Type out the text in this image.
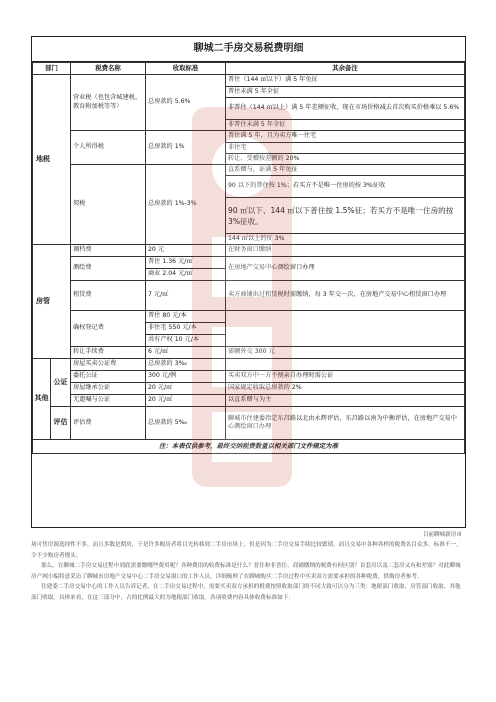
聊城二手房交易税费明细
部门	税费名称	收取标准	其余备注
地税	营业税（也包含城建税、教育附加税等等）	总房款的 5.6%	普住（144 ㎡以下）满 5 年免征
			普住未满 5 年全征
			非普住（144 ㎡以上）满 5 年差额征收，现在市场价格减去首次购买价格乘以 5.6%
			非普住未满 5 年全征
	个人所得税	总房款的 1%	普住满 5 年，且为卖方唯一住宅
			非住宅
			转让、受赠按差额的 20%
	契税	总房款的 1%-3%	直系赠与，证满 5 年免征
			90 以下的普住按 1%；若买方不是唯一住房的按 3%征收
			90 ㎡以下、144 ㎡以下普住按 1.5%征；若买方不是唯一住房的按 3%征收。
			144 ㎡以上的征 3%
房管	调档费	20 元	在财务窗口缴纳
	测绘费	普住 1.36 元/㎡	在房地产交易中心测绘窗口办理
		商业 2.04 元/㎡	
	租赁费	7 元/㎡	卖方商铺出过租赁税时需缴纳，每 3 年交一次，在房地产交易中心租赁窗口办理
	确权登记费	普住 80 元/本	
		非住宅 550 元/本	
		共有产权 10 元/本	
	转让手续费	6 元/㎡	需额外交 300 元
其他	公证	房屋买卖公证费	总房款的 3‰	
		委托公证	300 元/例	买卖双方中一方不便亲自办理时需公证
		房屋继承公证	20 元/㎡	国家规定收取总房款的 2%
		无遗嘱与公证	20 元/㎡	以直系赠与为主
	评估	评估费	总房款的 5‰	聊城市住建委指定东昌路以北由永辉评估，东昌路以南为中衡评估，在房地产交易中心测绘窗口办理
注：本表仅供参考，最终交纳税费数量以相关部门文件规定为准				
目前聊城新房市

场可售房源选择性不多，而且多数是期房，于是许多购房者将目光转移到二手房市场上。但是因为二手房交易手续比较繁琐，而且交易中各种各样的税费名目众多、标准不一，令不少购房者烧头。

那么，在聊城二手房交易过程中到底需要缴哪些费用呢？各种费用的收费标准是什么？普住和非普住、商铺缴纳的税费有何区别？首套房以及二套房又有和差别？对此聊城房产网小编特意采访了聊城市房地产交易中心二手房交易窗口的工作人员，详细梳理了在聊城购买二手房过程中买卖双方需要承担的各种税费，供购房者参考。

住建委二手房交易中心的工作人员告诉记者，在二手房交易过程中，需要买卖双方承担的税费按照收取部门的不同大致可以分为三类：地税部门收取、房管部门收取、其他部门收取。具体来看，在这三部分中，占的比例最大的为地税部门收取。各项收费内容具体收费标准如下：
